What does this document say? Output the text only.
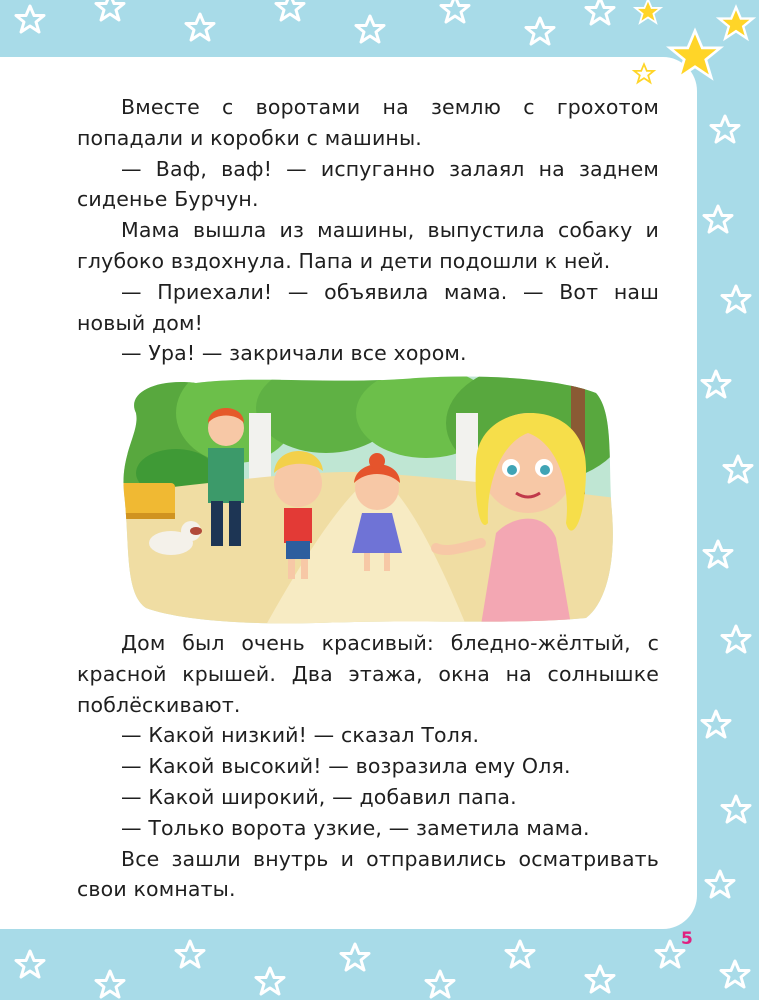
Вместе с воротами на землю с грохотом попадали и коробки с машины.

— Ваф, ваф! — испуганно залаял на заднем сиденье Бурчун.

Мама вышла из машины, выпустила собаку и глубоко вздохнула. Папа и дети подошли к ней.

— Приехали! — объявила мама. — Вот наш новый дом!

— Ура! — закричали все хором.

Дом был очень красивый: бледно-жёлтый, с красной крышей. Два этажа, окна на солнышке поблёскивают.

— Какой низкий! — сказал Толя.

— Какой высокий! — возразила ему Оля.

— Какой широкий, — добавил папа.

— Только ворота узкие, — заметила мама.

Все зашли внутрь и отправились осматривать свои комнаты.

5
